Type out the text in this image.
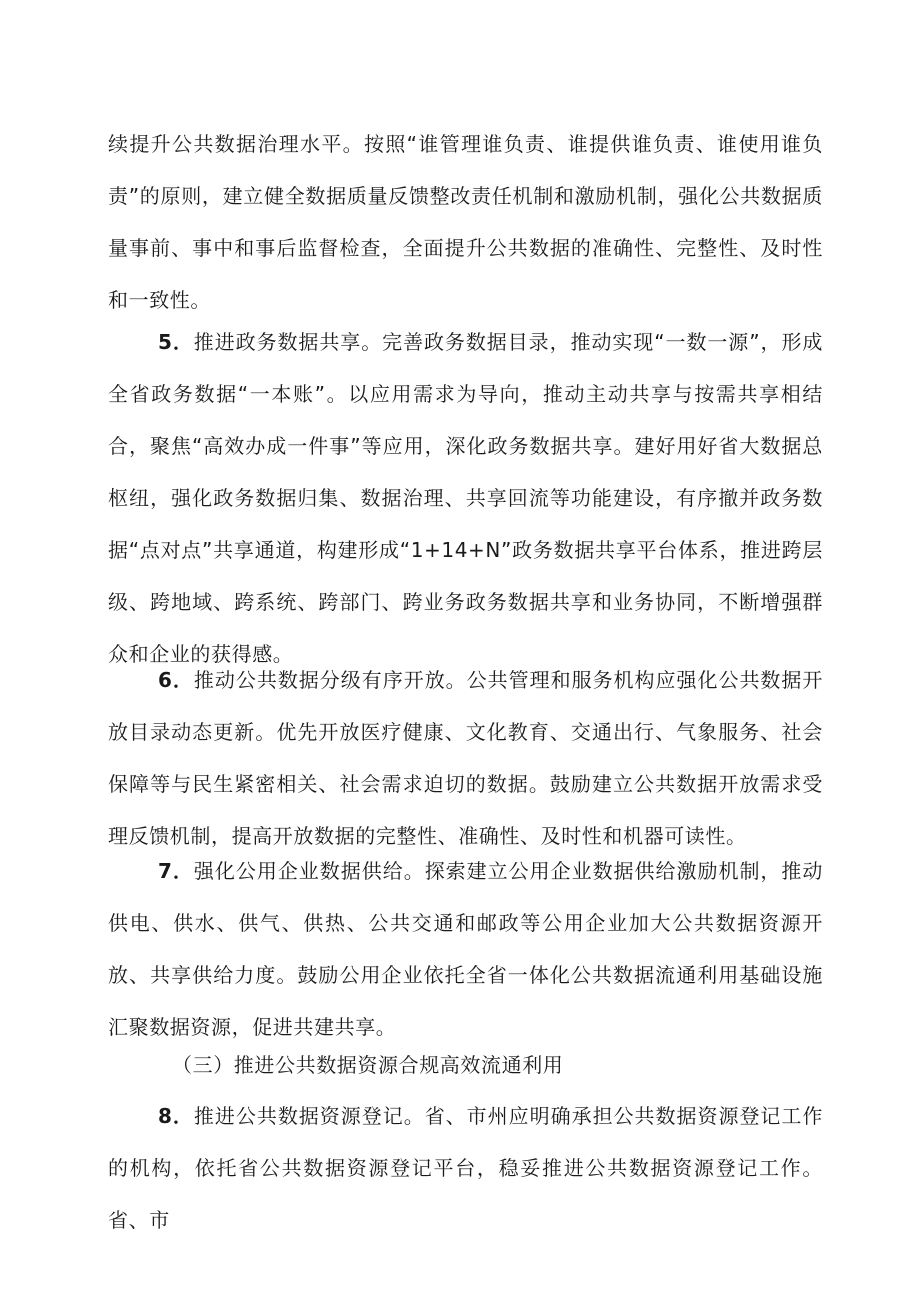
续提升公共数据治理水平。按照“谁管理谁负责、谁提供谁负责、谁使用谁负责”的原则，建立健全数据质量反馈整改责任机制和激励机制，强化公共数据质量事前、事中和事后监督检查，全面提升公共数据的准确性、完整性、及时性和一致性。

5．推进政务数据共享。完善政务数据目录，推动实现“一数一源”，形成全省政务数据“一本账”。以应用需求为导向，推动主动共享与按需共享相结合，聚焦“高效办成一件事”等应用，深化政务数据共享。建好用好省大数据总枢纽，强化政务数据归集、数据治理、共享回流等功能建设，有序撤并政务数据“点对点”共享通道，构建形成“1+14+N”政务数据共享平台体系，推进跨层级、跨地域、跨系统、跨部门、跨业务政务数据共享和业务协同，不断增强群众和企业的获得感。

6．推动公共数据分级有序开放。公共管理和服务机构应强化公共数据开放目录动态更新。优先开放医疗健康、文化教育、交通出行、气象服务、社会保障等与民生紧密相关、社会需求迫切的数据。鼓励建立公共数据开放需求受理反馈机制，提高开放数据的完整性、准确性、及时性和机器可读性。

7．强化公用企业数据供给。探索建立公用企业数据供给激励机制，推动供电、供水、供气、供热、公共交通和邮政等公用企业加大公共数据资源开放、共享供给力度。鼓励公用企业依托全省一体化公共数据流通利用基础设施汇聚数据资源，促进共建共享。

（三）推进公共数据资源合规高效流通利用

8．推进公共数据资源登记。省、市州应明确承担公共数据资源登记工作的机构，依托省公共数据资源登记平台，稳妥推进公共数据资源登记工作。省、市
